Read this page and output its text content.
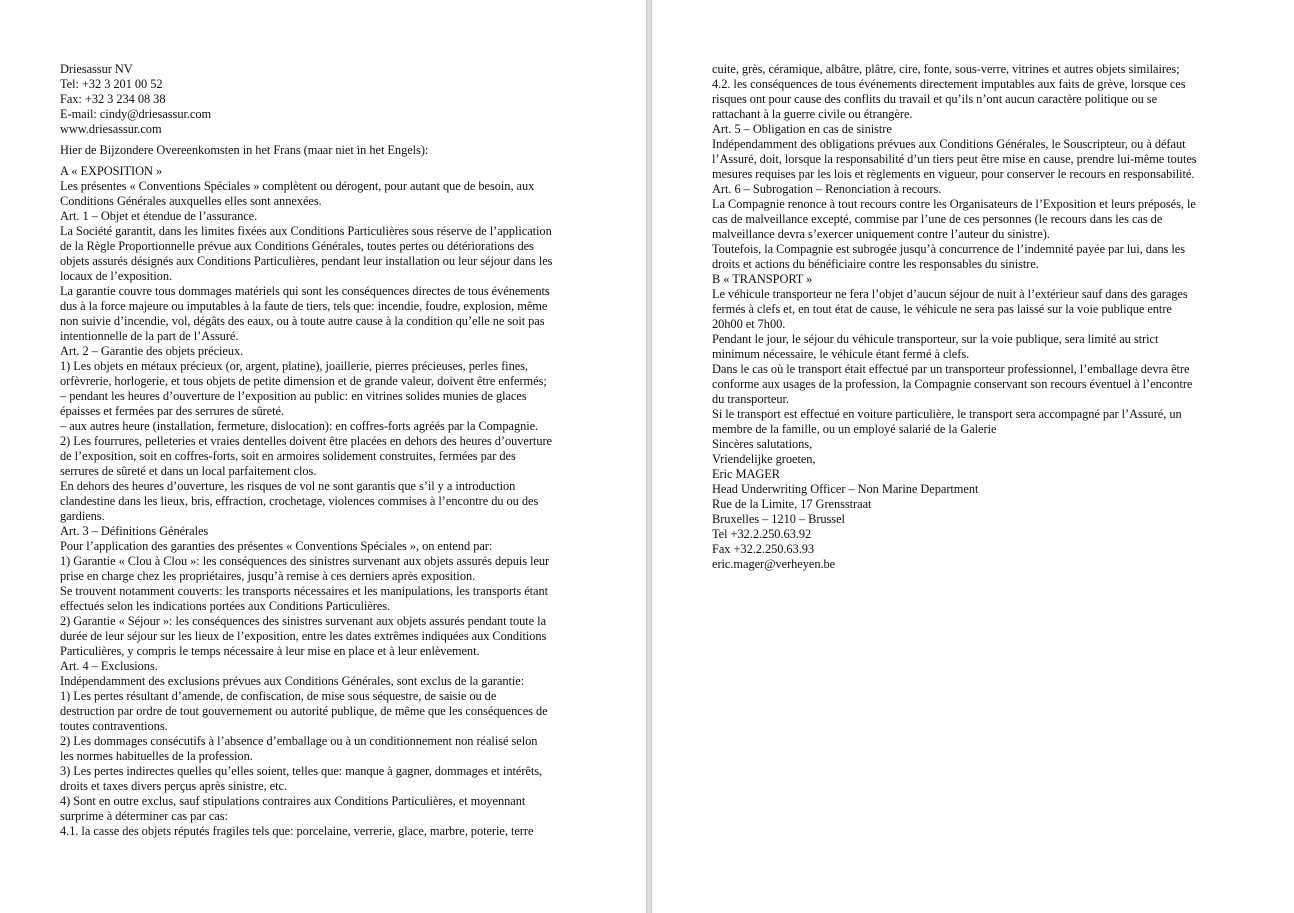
Driesassur NV
Tel: +32 3 201 00 52
Fax: +32 3 234 08 38
E-mail: cindy@driesassur.com
www.driesassur.com
Hier de Bijzondere Overeenkomsten in het Frans (maar niet in het Engels):
A « EXPOSITION »
Les présentes « Conventions Spéciales » complètent ou dérogent, pour autant que de besoin, aux
Conditions Générales auxquelles elles sont annexées.
Art. 1 – Objet et étendue de l’assurance.
La Société garantit, dans les limites fixées aux Conditions Particulières sous réserve de l’application
de la Règle Proportionnelle prévue aux Conditions Générales, toutes pertes ou détériorations des
objets assurés désignés aux Conditions Particulières, pendant leur installation ou leur séjour dans les
locaux de l’exposition.
La garantie couvre tous dommages matériels qui sont les conséquences directes de tous événements
dus à la force majeure ou imputables à la faute de tiers, tels que: incendie, foudre, explosion, même
non suivie d’incendie, vol, dégâts des eaux, ou à toute autre cause à la condition qu’elle ne soit pas
intentionnelle de la part de l’Assuré.
Art. 2 – Garantie des objets précieux.
1) Les objets en métaux précieux (or, argent, platine), joaillerie, pierres précieuses, perles fines,
orfèvrerie, horlogerie, et tous objets de petite dimension et de grande valeur, doivent être enfermés;
– pendant les heures d’ouverture de l’exposition au public: en vitrines solides munies de glaces
épaisses et fermées par des serrures de sûreté.
– aux autres heure (installation, fermeture, dislocation): en coffres-forts agréés par la Compagnie.
2) Les fourrures, pelleteries et vraies dentelles doivent être placées en dehors des heures d’ouverture
de l’exposition, soit en coffres-forts, soit en armoires solidement construites, fermées par des
serrures de sûreté et dans un local parfaitement clos.
En dehors des heures d’ouverture, les risques de vol ne sont garantis que s’il y a introduction
clandestine dans les lieux, bris, effraction, crochetage, violences commises à l’encontre du ou des
gardiens.
Art. 3 – Définitions Générales
Pour l’application des garanties des présentes « Conventions Spéciales », on entend par:
1) Garantie « Clou à Clou »: les conséquences des sinistres survenant aux objets assurés depuis leur
prise en charge chez les propriétaires, jusqu’à remise à ces derniers après exposition.
Se trouvent notamment couverts: les transports nécessaires et les manipulations, les transports étant
effectués selon les indications portées aux Conditions Particulières.
2) Garantie « Séjour »: les conséquences des sinistres survenant aux objets assurés pendant toute la
durée de leur séjour sur les lieux de l’exposition, entre les dates extrêmes indiquées aux Conditions
Particulières, y compris le temps nécessaire à leur mise en place et à leur enlèvement.
Art. 4 – Exclusions.
Indépendamment des exclusions prévues aux Conditions Générales, sont exclus de la garantie:
1) Les pertes résultant d’amende, de confiscation, de mise sous séquestre, de saisie ou de
destruction par ordre de tout gouvernement ou autorité publique, de même que les conséquences de
toutes contraventions.
2) Les dommages consécutifs à l’absence d’emballage ou à un conditionnement non réalisé selon
les normes habituelles de la profession.
3) Les pertes indirectes quelles qu’elles soient, telles que: manque à gagner, dommages et intérêts,
droits et taxes divers perçus après sinistre, etc.
4) Sont en outre exclus, sauf stipulations contraires aux Conditions Particulières, et moyennant
surprime à déterminer cas par cas:
4.1. la casse des objets réputés fragiles tels que: porcelaine, verrerie, glace, marbre, poterie, terre
cuite, grès, céramique, albâtre, plâtre, cire, fonte, sous-verre, vitrines et autres objets similaires;
4.2. les conséquences de tous événements directement imputables aux faits de grève, lorsque ces
risques ont pour cause des conflits du travail et qu’ils n’ont aucun caractère politique ou se
rattachant à la guerre civile ou étrangère.
Art. 5 – Obligation en cas de sinistre
Indépendamment des obligations prévues aux Conditions Générales, le Souscripteur, ou à défaut
l’Assuré, doit, lorsque la responsabilité d’un tiers peut être mise en cause, prendre lui-même toutes
mesures requises par les lois et règlements en vigueur, pour conserver le recours en responsabilité.
Art. 6 – Subrogation – Renonciation à recours.
La Compagnie renonce à tout recours contre les Organisateurs de l’Exposition et leurs préposés, le
cas de malveillance excepté, commise par l’une de ces personnes (le recours dans les cas de
malveillance devra s’exercer uniquement contre l’auteur du sinistre).
Toutefois, la Compagnie est subrogée jusqu’à concurrence de l’indemnité payée par lui, dans les
droits et actions du bénéficiaire contre les responsables du sinistre.
B « TRANSPORT »
Le véhicule transporteur ne fera l’objet d’aucun séjour de nuit à l’extérieur sauf dans des garages
fermés à clefs et, en tout état de cause, le véhicule ne sera pas laissé sur la voie publique entre
20h00 et 7h00.
Pendant le jour, le séjour du véhicule transporteur, sur la voie publique, sera limité au strict
minimum nécessaire, le véhicule étant fermé à clefs.
Dans le cas où le transport était effectué par un transporteur professionnel, l’emballage devra être
conforme aux usages de la profession, la Compagnie conservant son recours éventuel à l’encontre
du transporteur.
Si le transport est effectué en voiture particulière, le transport sera accompagné par l’Assuré, un
membre de la famille, ou un employé salarié de la Galerie
Sincères salutations,
Vriendelijke groeten,
Eric MAGER
Head Underwriting Officer – Non Marine Department
Rue de la Limite, 17 Grensstraat
Bruxelles – 1210 – Brussel
Tel +32.2.250.63.92
Fax +32.2.250.63.93
eric.mager@verheyen.be
